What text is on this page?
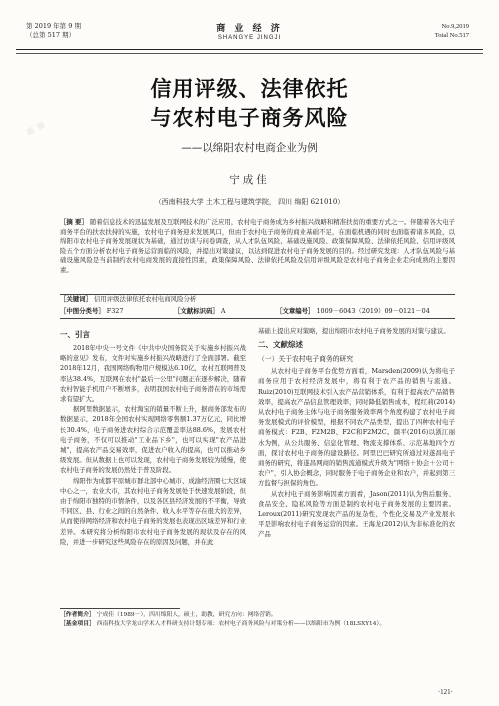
▪▪
第 2019 年第 9 期
（总第 517 期）
商 业 经 济
SHANGYE JINGJI
No.9,2019
Total No.517
信用评级、法律依托
与农村电子商务风险
——以绵阳农村电商企业为例
宁成佳
（西南科技大学 土木工程与建筑学院， 四川 绵阳 621010）
［摘 要］ 随着信息技术的迅猛发展及互联网技术的广泛应用，农村电子商务成为乡村振兴战略和精准扶贫的重要方式之一。伴随着各大电子商务平台的扶农扶持的实施，农村电子商务迎来发展风口，但由于农村电子商务的商业基础不足，在面临机遇的同时也面临着诸多风险，以绵阳市农村电子商务发展现状为基础，通过访谈与问卷调查，从人才队伍风险、基础设施风险、政策保障风险、法律依托风险、信用评级风险五个方面分析农村电子商务运营面临的风险，并提出对策建议，以达到促进农村电子商务发展的目的。经过研究发现：人才队伍风险与基础设施风险是当前制约农村电商发展的直接性因素，政策保障风险、法律依托风险及信用评级风险是农村电子商务企业走向成熟的主要因素。
［关键词］ 信用评级法律依托农村电商风险分析
［中图分类号］ F327	［文献标识码］ A	［文章编号］ 1009－6043（2019）09－0121－04
一、引言
2018年中央一号文件《中共中央国务院关于实施乡村振兴战略的意见》发布，文件对实施乡村振兴战略进行了全面部署。截至2018年12月，我国网络购物用户规模达6.10亿，农村互联网普及率达38.4%，互联网在农村"最后一公里"问题正在逐步解决，随着农村智能手机用户不断增多，表明我国农村电子商务潜在的市场需求有望扩大。
据阿里数据显示，农村淘宝的销量不断上升，据商务部发布的数据显示，2018年全国农村实现网络零售额1.37万亿元，同比增长30.4%，电子商务进农村综合示范覆盖率达88.6%，发展农村电子商务，不仅可以推动"工业品下乡"，也可以实现"农产品进城"，提高农产品交易效率，促进农户收入的提高，也可以推动乡级发展。但从数据上也可以发现，农村电子商务发展较为缓慢，使农村电子商务的发展仍然处于普及阶段。
绵阳作为成都平原城市群北部中心城市、成渝经济圈七大区域中心之一，农业大市，其农村电子商务发展处于快速发展阶段，但由于绵阳市独特的市情条件，以及各区县经济发展的不平衡，导致不同区、县、行业之间的自然条件、收入水平等存在很大的差异，从而使得网络经济和农村电子商务的发展也表现出区域差异和行业差异。本研究将分析绵阳市农村电子商务发展的现状及存在的风险，并进一步研究这些风险存在的原因及问题，并在此
基础上提出应对策略，提出绵阳市农村电子商务发展的对策与建议。
二、文献综述
（一）关于农村电子商务的研究
从农村电子商务平台优势方面看，Marsden(2009)认为将电子商务应用于农村经济发展中，将有利于农产品的销售与流通。Ruiz(2010)互联网技术引入农产品营销体系，有利于提高农产品销售效率，提高农产品信息管理效率，同时降低销售成本，程红莉(2014)从农村电子商务主体与电子商务服务效率两个角度构建了农村电子商务发展模式的评价模型，根据不同农产品类型，提出了四种农村电子商务模式：F2B、F2M2B、F2C和F2M2C。颜平(2016)以浙江丽水为例，从公共服务、信息化管理、物流支撑体系、示范基地四个方面，探讨农村电子商务的建设路径。阿里巴巴研究所通过对遂昌电子商务的研究，将遂昌网商的销售流通模式升级为"网络＋协会＋公司＋农户"，引入协会概念，同时服务于电子商务企业和农户，并起到第三方监督与担保的角色。
从农村电子商务影响因素方面看，Jason(2011)认为售后服务、食品安全、隐私风险等方面是制约农村电子商务发展的主要因素。Leroux(2011)研究发现农产品的复杂性、个性化交易及产业发展水平是影响农村电子商务运营的因素。王海龙(2012)认为非标准化的农产品
［作者简介］ 宁成佳（1989－），四川绵阳人，硕士，助教，研究方向：网络营销。
［基金项目］ 西南科技大学龙山学术人才科研支持计划专项：农村电子商务风险与对策分析——以绵阳市为例（18LSXY14）。
·121·
